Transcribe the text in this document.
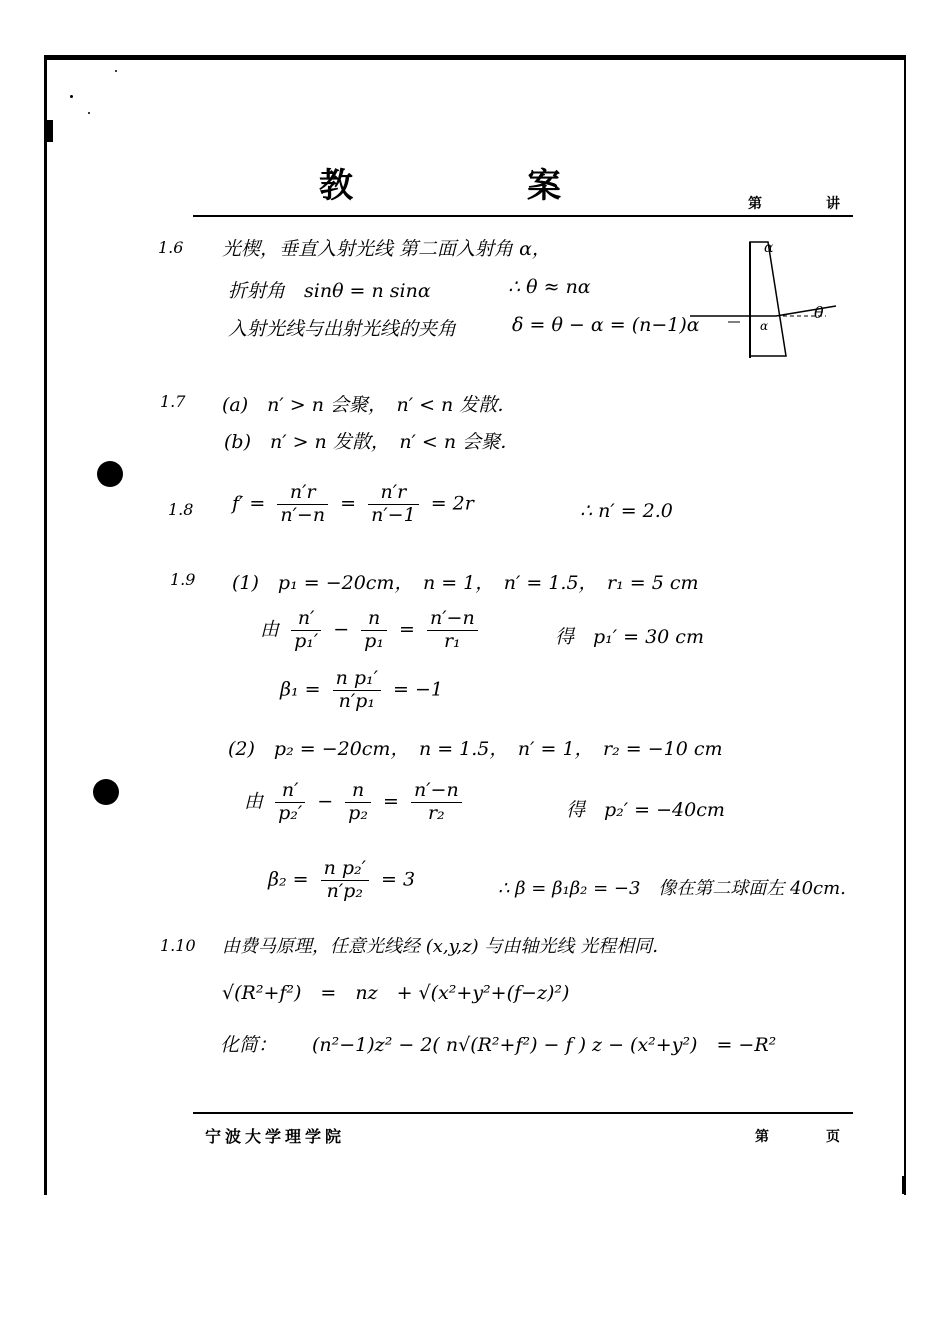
教　案	第	讲
1.6 光楔，垂直入射光线 第二面入射角 α，
折射角　sinθ = n sinα	∴ θ ≈ nα
入射光线与出射光线的夹角	δ = θ − α = (n−1)α
α
α
θ
1.7 (a)　n′ > n 会聚，　n′ < n 发散．
(b)　n′ > n 发散，　n′ < n 会聚．
1.8 $f' = \frac{n'r}{n'-n} = \frac{n'r}{n'-1} = 2r$	∴ n′ = 2.0
1.9 (1)　p₁ = −20cm，　n = 1，　n′ = 1.5，　r₁ = 5 cm
由 $\frac{n'}{\text{p₁′}} - \frac{n}{\text{p₁}} = \frac{n'-n}{\text{r₁}}$	得　p₁′ = 30 cm
$\beta_1 = \frac{\text{n p₁′}}{\text{n′p₁}} = -1$
(2)　p₂ = −20cm，　n = 1.5，　n′ = 1，　r₂ = −10 cm
由 $\frac{n'}{\text{p₂′}} - \frac{n}{\text{p₂}} = \frac{n'-n}{\text{r₂}}$	得　p₂′ = −40cm
$\beta_2 = \frac{\text{n p₂′}}{\text{n′p₂}} = 3$	∴ β = β₁β₂ = −3　像在第二球面左 40cm.
1.10 由费马原理，任意光线经 (x,y,z) 与由轴光线 光程相同．
√(R²+f²)　=　nz　+ √(x²+y²+(f−z)²)
化简： (n²−1)z² − 2( n√(R²+f²) − f ) z − (x²+y²)　= −R²
宁波大学理学院	第	页
